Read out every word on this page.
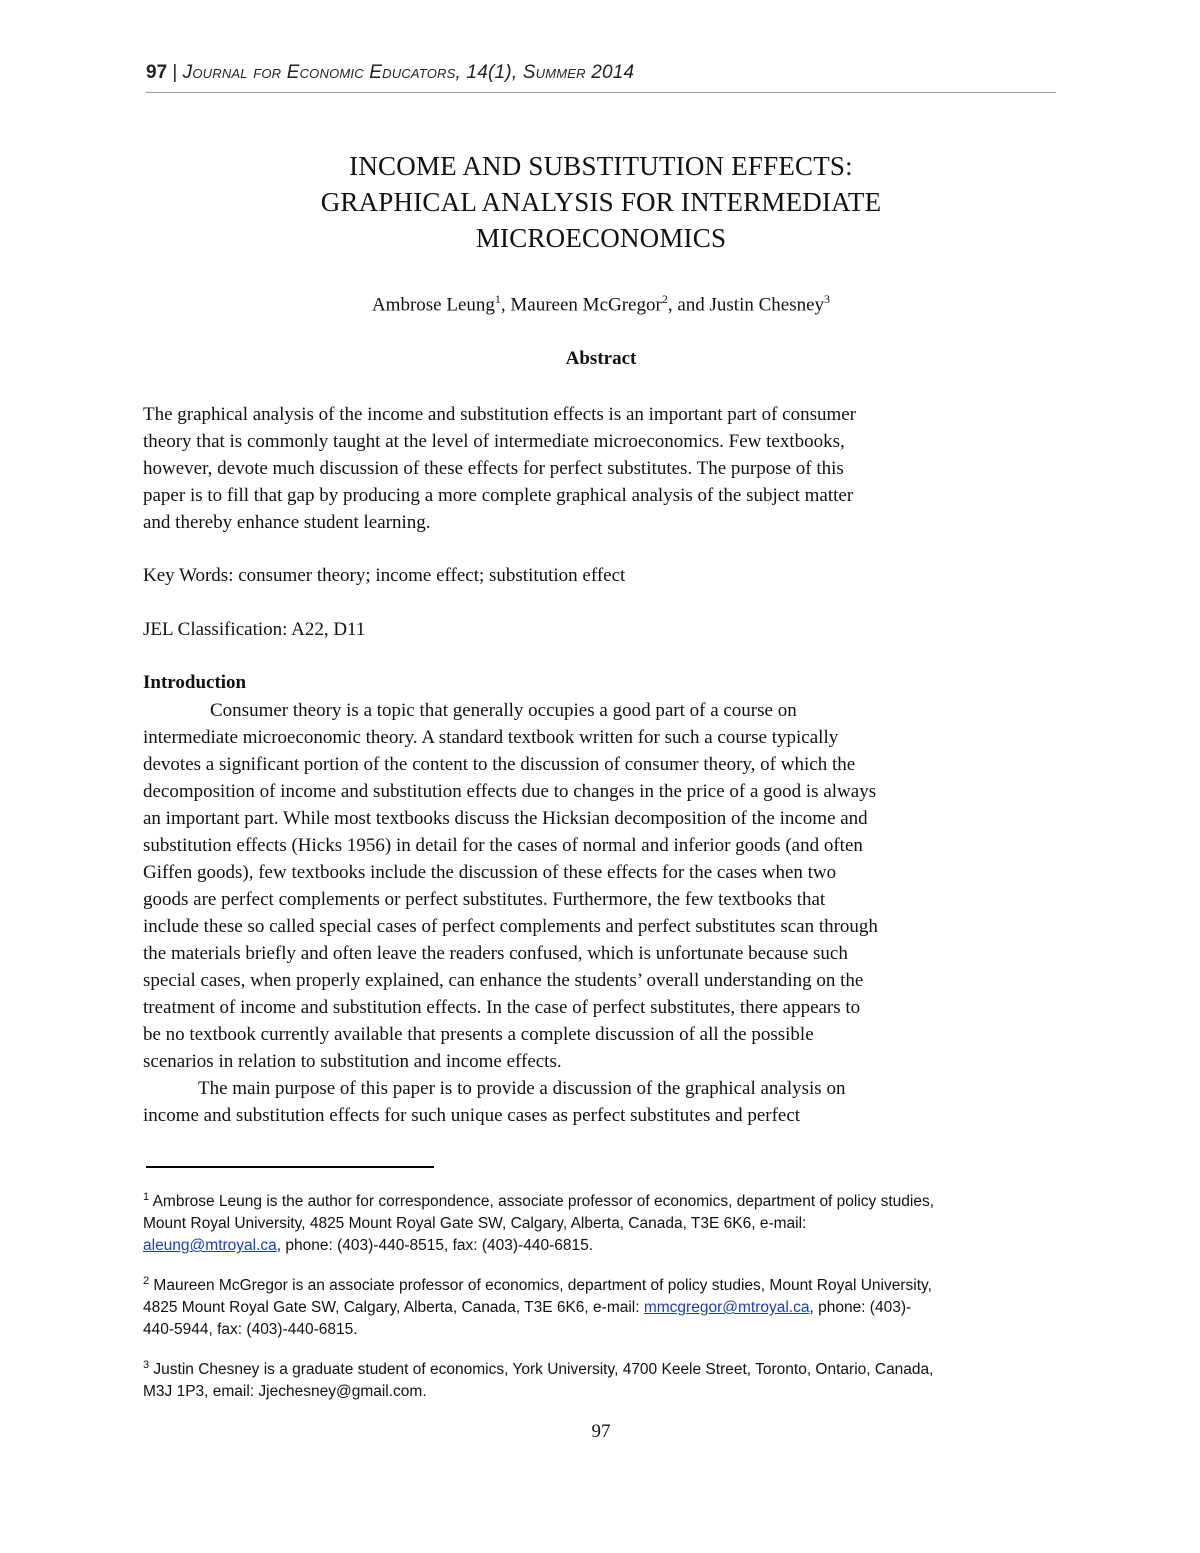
97 | Journal for Economic Educators, 14(1), Summer 2014
INCOME AND SUBSTITUTION EFFECTS:
GRAPHICAL ANALYSIS FOR INTERMEDIATE
MICROECONOMICS
Ambrose Leung$^1$, Maureen McGregor$^2$, and Justin Chesney$^3$
Abstract
The graphical analysis of the income and substitution effects is an important part of consumer
theory that is commonly taught at the level of intermediate microeconomics. Few textbooks,
however, devote much discussion of these effects for perfect substitutes. The purpose of this
paper is to fill that gap by producing a more complete graphical analysis of the subject matter
and thereby enhance student learning.
Key Words: consumer theory; income effect; substitution effect
JEL Classification: A22, D11
Introduction
Consumer theory is a topic that generally occupies a good part of a course on
intermediate microeconomic theory. A standard textbook written for such a course typically
devotes a significant portion of the content to the discussion of consumer theory, of which the
decomposition of income and substitution effects due to changes in the price of a good is always
an important part. While most textbooks discuss the Hicksian decomposition of the income and
substitution effects (Hicks 1956) in detail for the cases of normal and inferior goods (and often
Giffen goods), few textbooks include the discussion of these effects for the cases when two
goods are perfect complements or perfect substitutes. Furthermore, the few textbooks that
include these so called special cases of perfect complements and perfect substitutes scan through
the materials briefly and often leave the readers confused, which is unfortunate because such
special cases, when properly explained, can enhance the students’ overall understanding on the
treatment of income and substitution effects. In the case of perfect substitutes, there appears to
be no textbook currently available that presents a complete discussion of all the possible
scenarios in relation to substitution and income effects.
The main purpose of this paper is to provide a discussion of the graphical analysis on
income and substitution effects for such unique cases as perfect substitutes and perfect
$^1$ Ambrose Leung is the author for correspondence, associate professor of economics, department of policy studies,
Mount Royal University, 4825 Mount Royal Gate SW, Calgary, Alberta, Canada, T3E 6K6, e-mail:
aleung@mtroyal.ca, phone: (403)-440-8515, fax: (403)-440-6815.
$^2$ Maureen McGregor is an associate professor of economics, department of policy studies, Mount Royal University,
4825 Mount Royal Gate SW, Calgary, Alberta, Canada, T3E 6K6, e-mail: mmcgregor@mtroyal.ca, phone: (403)-
440-5944, fax: (403)-440-6815.
$^3$ Justin Chesney is a graduate student of economics, York University, 4700 Keele Street, Toronto, Ontario, Canada,
M3J 1P3, email: Jjechesney@gmail.com.
97
